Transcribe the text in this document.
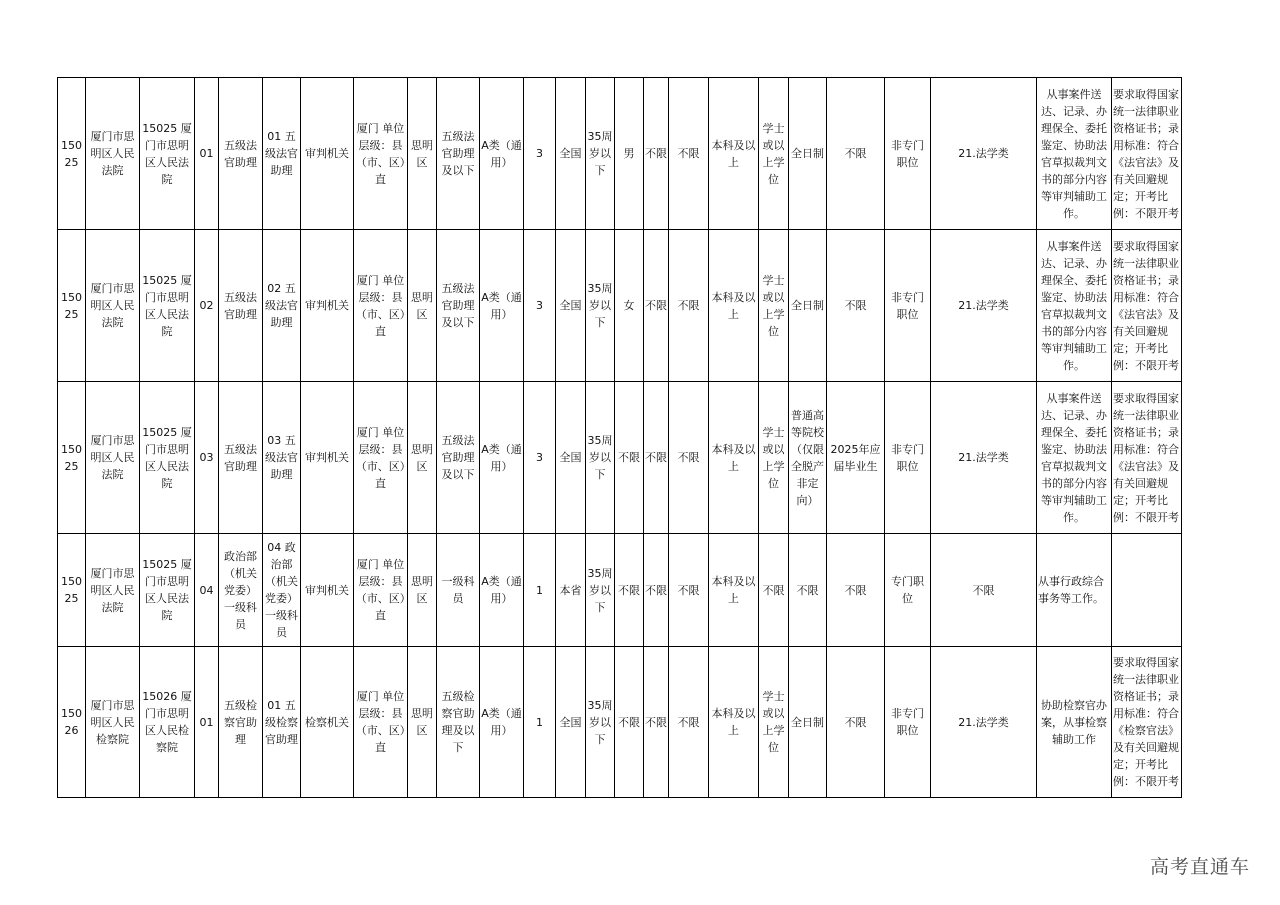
15025	厦门市思明区人民法院	15025 厦门市思明区人民法院	01	五级法官助理	01 五级法官助理	审判机关	厦门 单位层级：县（市、区）直	思明区	五级法官助理及以下	A类（通用）	3	全国	35周岁以下	男	不限	不限	本科及以上	学士或以上学位	全日制	不限	非专门职位	21.法学类	从事案件送达、记录、办理保全、委托鉴定、协助法官草拟裁判文书的部分内容等审判辅助工作。	要求取得国家统一法律职业资格证书；录用标准：符合《法官法》及有关回避规定；开考比例：不限开考
15025	厦门市思明区人民法院	15025 厦门市思明区人民法院	02	五级法官助理	02 五级法官助理	审判机关	厦门 单位层级：县（市、区）直	思明区	五级法官助理及以下	A类（通用）	3	全国	35周岁以下	女	不限	不限	本科及以上	学士或以上学位	全日制	不限	非专门职位	21.法学类	从事案件送达、记录、办理保全、委托鉴定、协助法官草拟裁判文书的部分内容等审判辅助工作。	要求取得国家统一法律职业资格证书；录用标准：符合《法官法》及有关回避规定；开考比例：不限开考
15025	厦门市思明区人民法院	15025 厦门市思明区人民法院	03	五级法官助理	03 五级法官助理	审判机关	厦门 单位层级：县（市、区）直	思明区	五级法官助理及以下	A类（通用）	3	全国	35周岁以下	不限	不限	不限	本科及以上	学士或以上学位	普通高等院校（仅限全脱产非定向）	2025年应届毕业生	非专门职位	21.法学类	从事案件送达、记录、办理保全、委托鉴定、协助法官草拟裁判文书的部分内容等审判辅助工作。	要求取得国家统一法律职业资格证书；录用标准：符合《法官法》及有关回避规定；开考比例：不限开考
15025	厦门市思明区人民法院	15025 厦门市思明区人民法院	04	政治部（机关党委）一级科员	04 政治部（机关党委）一级科员	审判机关	厦门 单位层级：县（市、区）直	思明区	一级科员	A类（通用）	1	本省	35周岁以下	不限	不限	不限	本科及以上	不限	不限	不限	专门职位	不限	从事行政综合事务等工作。	
15026	厦门市思明区人民检察院	15026 厦门市思明区人民检察院	01	五级检察官助理	01 五级检察官助理	检察机关	厦门 单位层级：县（市、区）直	思明区	五级检察官助理及以下	A类（通用）	1	全国	35周岁以下	不限	不限	不限	本科及以上	学士或以上学位	全日制	不限	非专门职位	21.法学类	协助检察官办案，从事检察辅助工作	要求取得国家统一法律职业资格证书；录用标准：符合《检察官法》及有关回避规定；开考比例：不限开考
高考直通车
